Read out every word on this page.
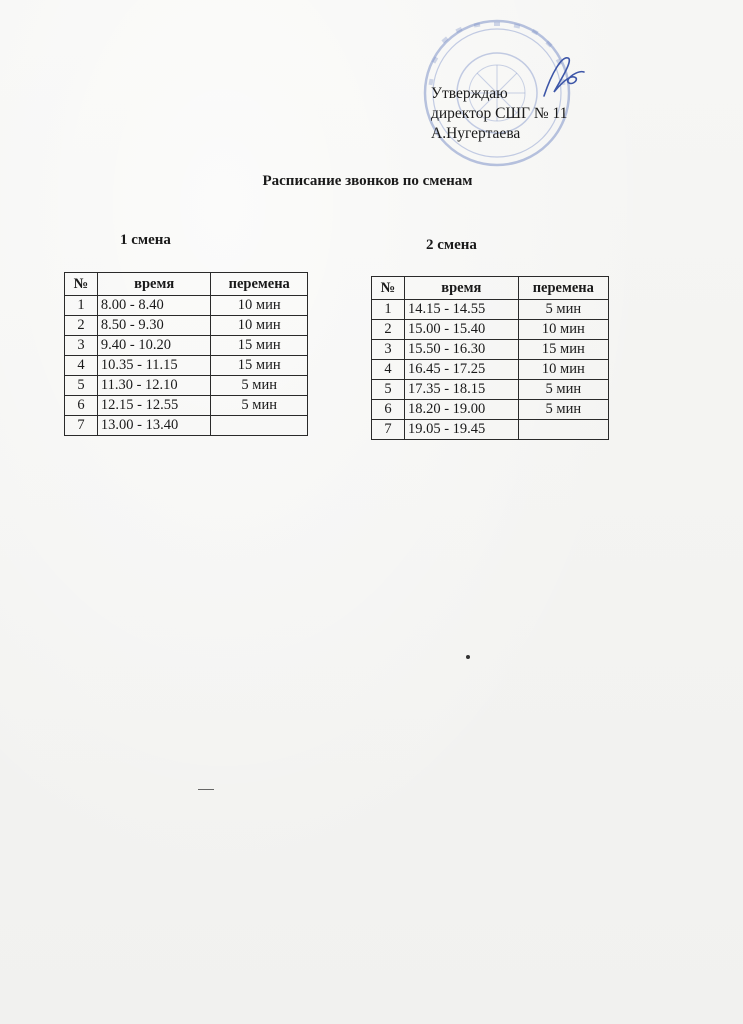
Утверждаю
директор СШГ № 11
А.Нугертаева
Расписание звонков по сменам
1 смена	2 смена
№	время	перемена
1	8.00 - 8.40	10 мин
2	8.50 - 9.30	10 мин
3	9.40 - 10.20	15 мин
4	10.35 - 11.15	15 мин
5	11.30 - 12.10	5 мин
6	12.15 - 12.55	5 мин
7	13.00 - 13.40	
№	время	перемена
1	14.15 - 14.55	5 мин
2	15.00 - 15.40	10 мин
3	15.50 - 16.30	15 мин
4	16.45 - 17.25	10 мин
5	17.35 - 18.15	5 мин
6	18.20 - 19.00	5 мин
7	19.05 - 19.45	
